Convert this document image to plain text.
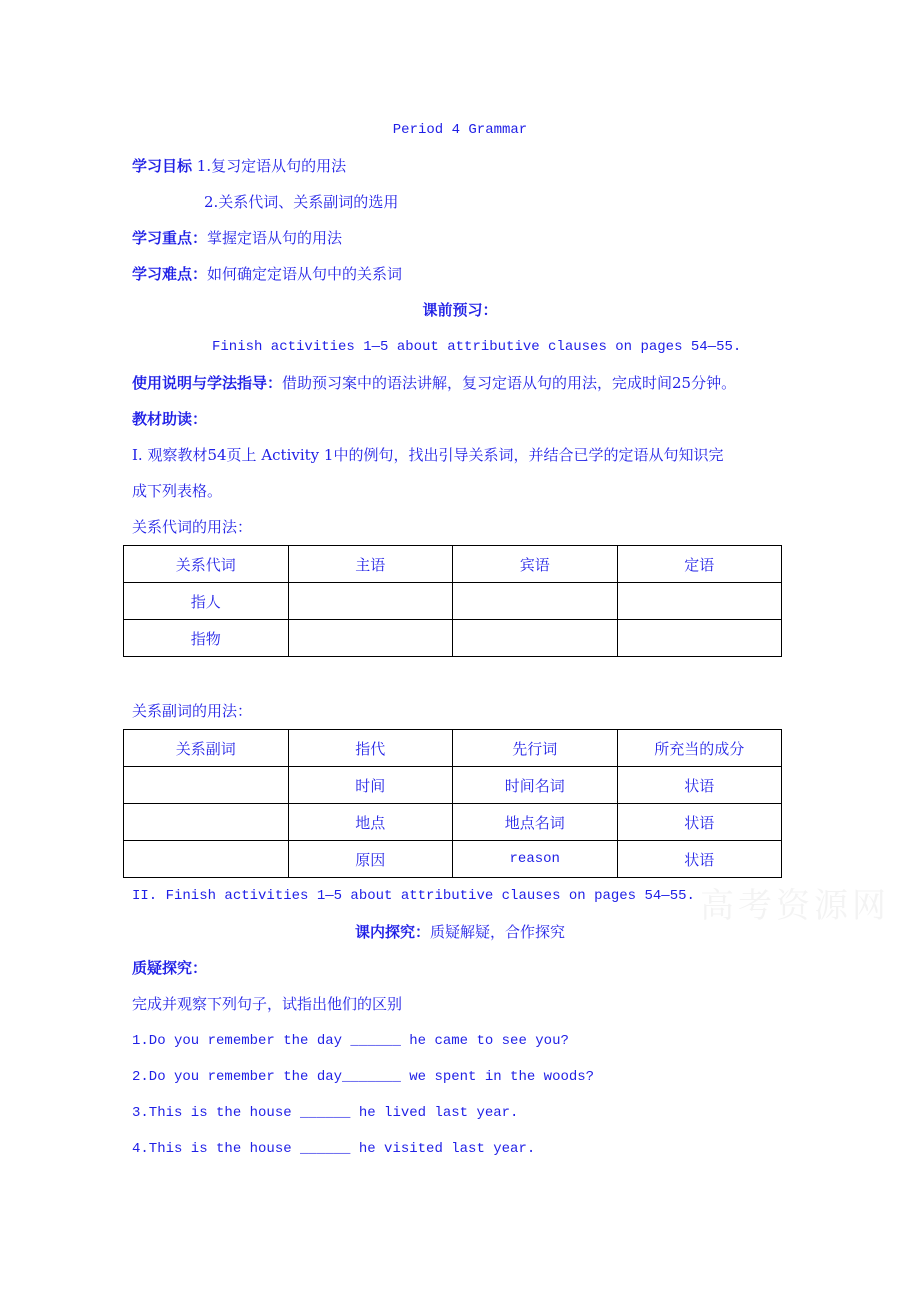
Period 4 Grammar
学习目标 1.复习定语从句的用法
2.关系代词、关系副词的选用
学习重点：掌握定语从句的用法
学习难点：如何确定定语从句中的关系词
课前预习：
Finish activities 1—5 about attributive clauses on pages 54—55.
使用说明与学法指导：借助预习案中的语法讲解，复习定语从句的用法，完成时间25分钟。
教材助读：
I. 观察教材54页上 Activity 1中的例句，找出引导关系词，并结合已学的定语从句知识完
成下列表格。
关系代词的用法：
关系代词	主语	宾语	定语
指人			
指物			
关系副词的用法：
关系副词	指代	先行词	所充当的成分
	时间	时间名词	状语
	地点	地点名词	状语
	原因	reason	状语
高考资源网
II. Finish activities 1—5 about attributive clauses on pages 54—55.
课内探究：质疑解疑，合作探究
质疑探究：
完成并观察下列句子，试指出他们的区别
1.Do you remember the day ______ he came to see you?
2.Do you remember the day_______ we spent in the woods?
3.This is the house ______ he lived last year.
4.This is the house ______ he visited last year.
